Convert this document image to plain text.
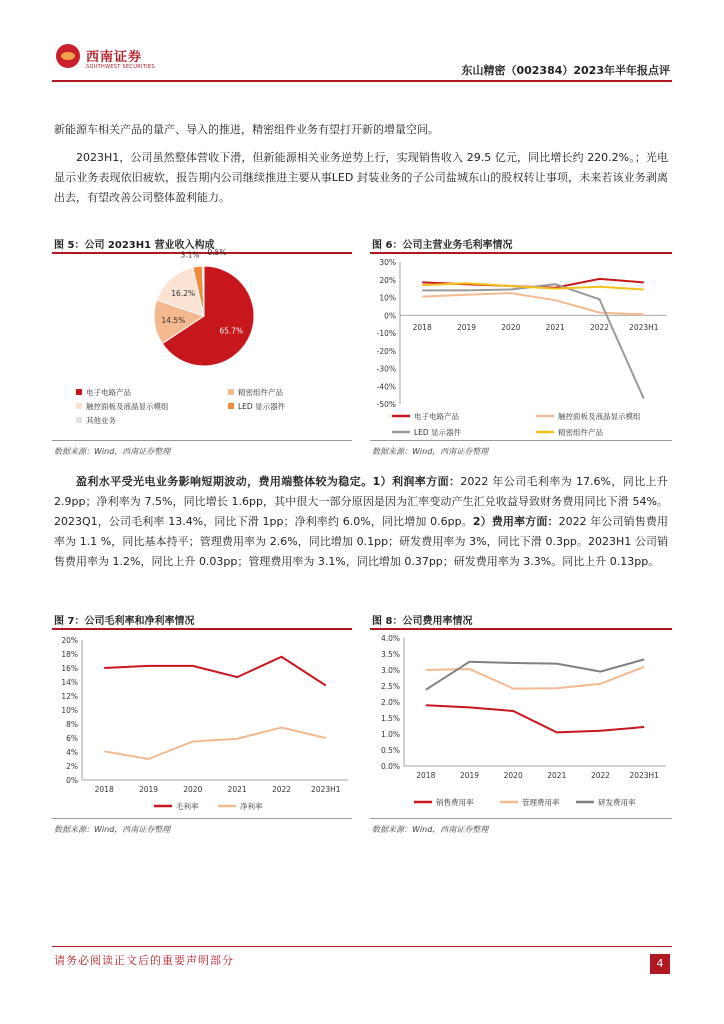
西南证券
SOUTHWEST SECURITIES	东山精密（002384）2023年半年报点评
新能源车相关产品的量产、导入的推进，精密组件业务有望打开新的增量空间。
2023H1，公司虽然整体营收下滑，但新能源相关业务逆势上行，实现销售收入 29.5 亿元，同比增长约 220.2%。；光电显示业务表现依旧疲软，报告期内公司继续推进主要从事LED 封装业务的子公司盐城东山的股权转让事项，未来若该业务剥离出去，有望改善公司整体盈利能力。
图 5：公司 2023H1 营业收入构成	图 6：公司主营业务毛利率情况
65.7%
14.5%
16.2%
3.1% 0.5%
电子电路产品	精密组件产品
触控面板及液晶显示模组	LED 显示器件
其他业务
数据来源：Wind，西南证券整理
30%
20%
10%
0%
-10%
-20%
-30%
-40%
-50%
2018	2019	2020	2021	2022	2023H1
电子电路产品	触控面板及液晶显示模组
LED 显示器件	精密组件产品
数据来源：Wind，西南证券整理
盈利水平受光电业务影响短期波动，费用端整体较为稳定。1）利润率方面：2022 年公司毛利率为 17.6%，同比上升 2.9pp；净利率为 7.5%，同比增长 1.6pp，其中很大一部分原因是因为汇率变动产生汇兑收益导致财务费用同比下滑 54%。2023Q1，公司毛利率 13.4%，同比下滑 1pp；净利率约 6.0%，同比增加 0.6pp。2）费用率方面：2022 年公司销售费用率为 1.1 %，同比基本持平；管理费用率为 2.6%，同比增加 0.1pp；研发费用率为 3%，同比下滑 0.3pp。2023H1 公司销售费用率为 1.2%，同比上升 0.03pp；管理费用率为 3.1%，同比增加 0.37pp；研发费用率为 3.3%。同比上升 0.13pp。
图 7：公司毛利率和净利率情况	图 8：公司费用率情况
20%
18%
16%
14%
12%
10%
8%
6%
4%
2%
0%
2018	2019	2020	2021	2022	2023H1
毛利率	净利率
数据来源：Wind，西南证券整理
4.0%
3.5%
3.0%
2.5%
2.0%
1.5%
1.0%
0.5%
0.0%
2018	2019	2020	2021	2022	2023H1
销售费用率	管理费用率	研发费用率
数据来源：Wind，西南证券整理
请务必阅读正文后的重要声明部分	4
